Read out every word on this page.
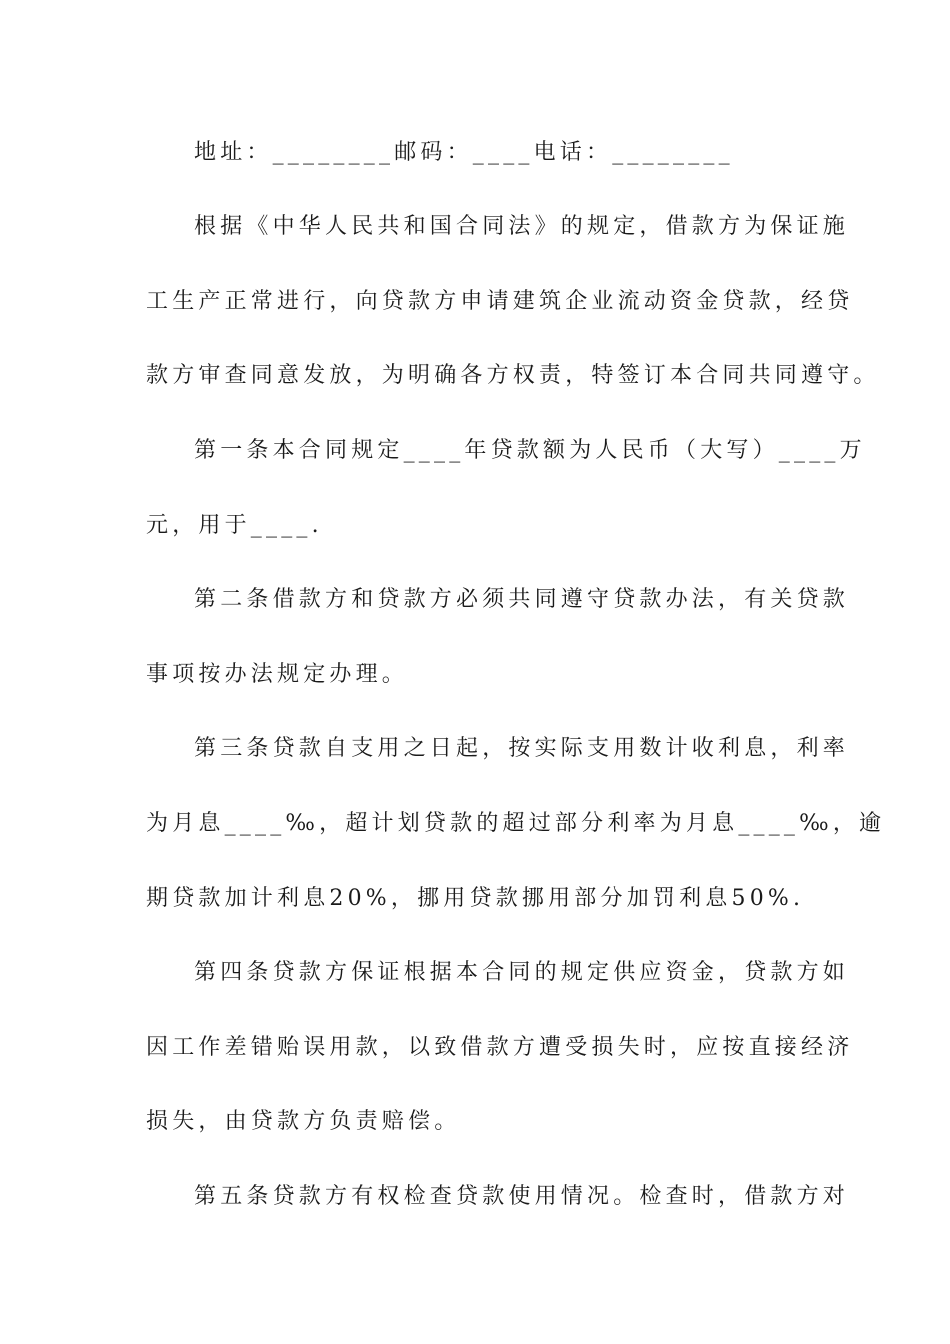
地址：________邮码：____电话：________

根据《中华人民共和国合同法》的规定，借款方为保证施

工生产正常进行，向贷款方申请建筑企业流动资金贷款，经贷

款方审查同意发放，为明确各方权责，特签订本合同共同遵守。

第一条本合同规定____年贷款额为人民币（大写）____万

元，用于____.

第二条借款方和贷款方必须共同遵守贷款办法，有关贷款

事项按办法规定办理。

第三条贷款自支用之日起，按实际支用数计收利息，利率

为月息____‰，超计划贷款的超过部分利率为月息____‰，逾

期贷款加计利息20%，挪用贷款挪用部分加罚利息50%.

第四条贷款方保证根据本合同的规定供应资金，贷款方如

因工作差错贻误用款，以致借款方遭受损失时，应按直接经济

损失，由贷款方负责赔偿。

第五条贷款方有权检查贷款使用情况。检查时，借款方对
